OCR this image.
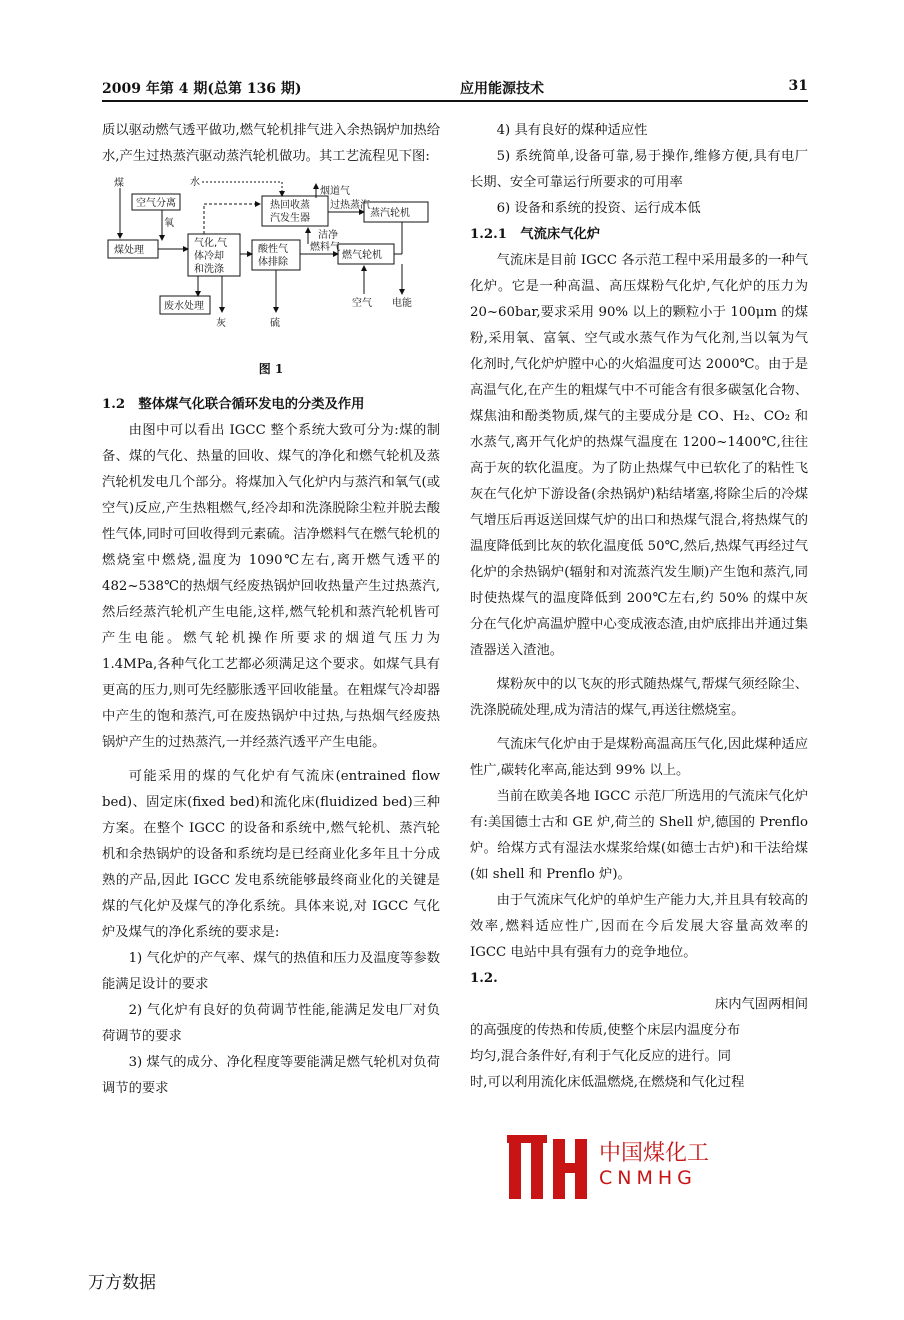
2009 年第 4 期(总第 136 期)	应用能源技术	31

质以驱动燃气透平做功,燃气轮机排气进入余热锅炉加热给水,产生过热蒸汽驱动蒸汽轮机做功。其工艺流程见下图:

煤	水
烟道气
空气分离	热回收蒸
汽发生器
过热蒸汽
蒸汽轮机
氧
气化,气
体冷却
和洗涤
煤处理	酸性气
体排除
洁净
燃料气
燃气轮机
废水处理
灰	硫
空气 电能
图 1

1.2　整体煤气化联合循环发电的分类及作用

由图中可以看出 IGCC 整个系统大致可分为:煤的制备、煤的气化、热量的回收、煤气的净化和燃气轮机及蒸汽轮机发电几个部分。将煤加入气化炉内与蒸汽和氧气(或空气)反应,产生热粗燃气,经冷却和洗涤脱除尘粒并脱去酸性气体,同时可回收得到元素硫。洁净燃料气在燃气轮机的燃烧室中燃烧,温度为 1090℃左右,离开燃气透平的 482~538℃的热烟气经废热锅炉回收热量产生过热蒸汽,然后经蒸汽轮机产生电能,这样,燃气轮机和蒸汽轮机皆可产生电能。燃气轮机操作所要求的烟道气压力为 1.4MPa,各种气化工艺都必须满足这个要求。如煤气具有更高的压力,则可先经膨胀透平回收能量。在粗煤气冷却器中产生的饱和蒸汽,可在废热锅炉中过热,与热烟气经废热锅炉产生的过热蒸汽,一并经蒸汽透平产生电能。

可能采用的煤的气化炉有气流床(entrained flow bed)、固定床(fixed bed)和流化床(fluidized bed)三种方案。在整个 IGCC 的设备和系统中,燃气轮机、蒸汽轮机和余热锅炉的设备和系统均是已经商业化多年且十分成熟的产品,因此 IGCC 发电系统能够最终商业化的关键是煤的气化炉及煤气的净化系统。具体来说,对 IGCC 气化炉及煤气的净化系统的要求是:

1) 气化炉的产气率、煤气的热值和压力及温度等参数能满足设计的要求

2) 气化炉有良好的负荷调节性能,能满足发电厂对负荷调节的要求

3) 煤气的成分、净化程度等要能满足燃气轮机对负荷调节的要求

4) 具有良好的煤种适应性

5) 系统简单,设备可靠,易于操作,维修方便,具有电厂长期、安全可靠运行所要求的可用率

6) 设备和系统的投资、运行成本低

1.2.1　气流床气化炉

气流床是目前 IGCC 各示范工程中采用最多的一种气化炉。它是一种高温、高压煤粉气化炉,气化炉的压力为 20~60bar,要求采用 90% 以上的颗粒小于 100μm 的煤粉,采用氧、富氧、空气或水蒸气作为气化剂,当以氧为气化剂时,气化炉炉膛中心的火焰温度可达 2000℃。由于是高温气化,在产生的粗煤气中不可能含有很多碳氢化合物、煤焦油和酚类物质,煤气的主要成分是 CO、H₂、CO₂ 和水蒸气,离开气化炉的热煤气温度在 1200~1400℃,往往高于灰的软化温度。为了防止热煤气中已软化了的粘性飞灰在气化炉下游设备(余热锅炉)粘结堵塞,将除尘后的冷煤气增压后再返送回煤气炉的出口和热煤气混合,将热煤气的温度降低到比灰的软化温度低 50℃,然后,热煤气再经过气化炉的余热锅炉(辐射和对流蒸汽发生顺)产生饱和蒸汽,同时使热煤气的温度降低到 200℃左右,约 50% 的煤中灰分在气化炉高温炉膛中心变成液态渣,由炉底排出并通过集渣器送入渣池。

煤粉灰中的以飞灰的形式随热煤气,帮煤气须经除尘、洗涤脱硫处理,成为清洁的煤气,再送往燃烧室。

气流床气化炉由于是煤粉高温高压气化,因此煤种适应性广,碳转化率高,能达到 99% 以上。

当前在欧美各地 IGCC 示范厂所选用的气流床气化炉有:美国德士古和 GE 炉,荷兰的 Shell 炉,德国的 Prenflo 炉。给煤方式有湿法水煤浆给煤(如德士古炉)和干法给煤(如 shell 和 Prenflo 炉)。

由于气流床气化炉的单炉生产能力大,并且具有较高的效率,燃料适应性广,因而在今后发展大容量高效率的 IGCC 电站中具有强有力的竞争地位。

1.2.

床内气固两相间

的高强度的传热和传质,使整个床层内温度分布

均匀,混合条件好,有利于气化反应的进行。同

时,可以利用流化床低温燃烧,在燃烧和气化过程

中国煤化工
CNMHG
万方数据
